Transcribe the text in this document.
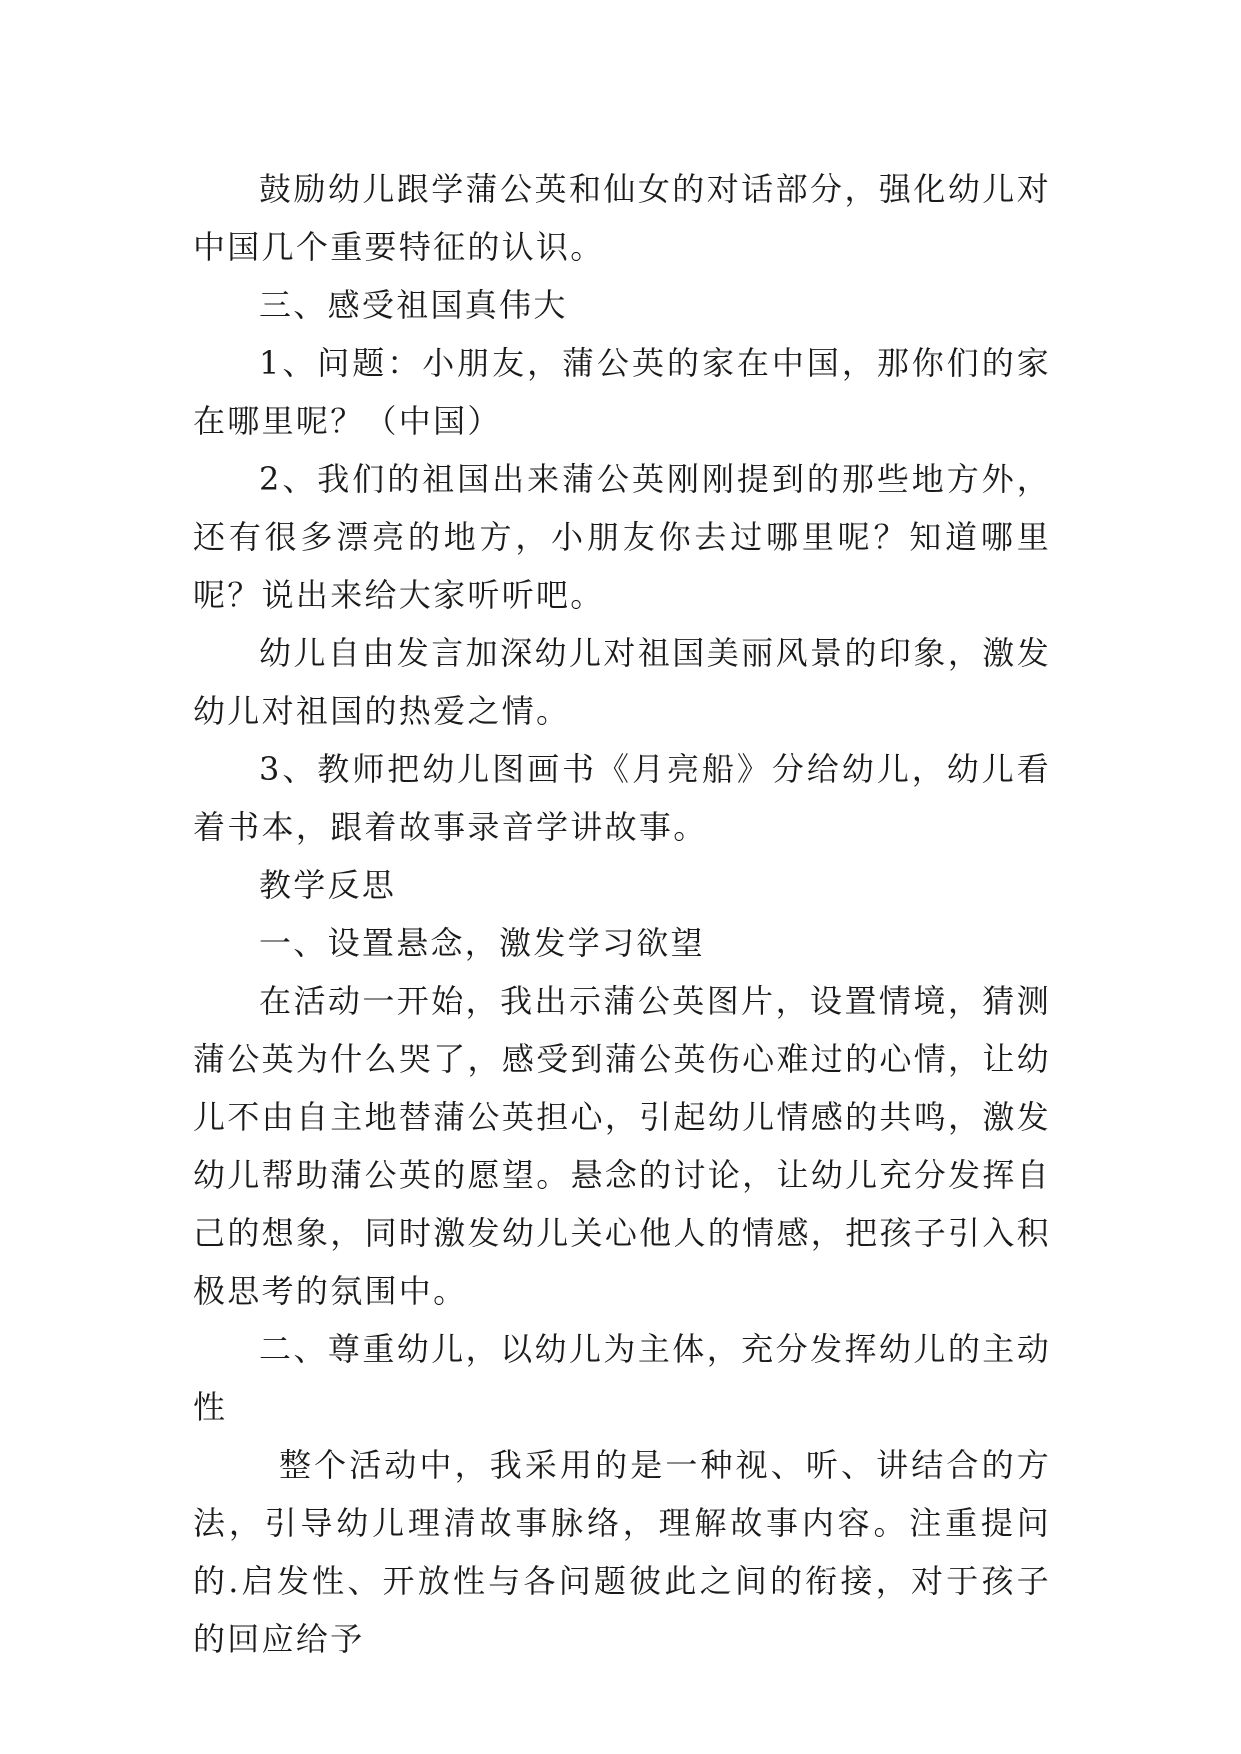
鼓励幼儿跟学蒲公英和仙女的对话部分，强化幼儿对中国几个重要特征的认识。

三、感受祖国真伟大

1、问题：小朋友，蒲公英的家在中国，那你们的家在哪里呢？（中国）

2、我们的祖国出来蒲公英刚刚提到的那些地方外，还有很多漂亮的地方，小朋友你去过哪里呢？知道哪里呢？说出来给大家听听吧。

幼儿自由发言加深幼儿对祖国美丽风景的印象，激发幼儿对祖国的热爱之情。

3、教师把幼儿图画书《月亮船》分给幼儿，幼儿看着书本，跟着故事录音学讲故事。

教学反思

一、设置悬念，激发学习欲望

在活动一开始，我出示蒲公英图片，设置情境，猜测蒲公英为什么哭了，感受到蒲公英伤心难过的心情，让幼儿不由自主地替蒲公英担心，引起幼儿情感的共鸣，激发幼儿帮助蒲公英的愿望。悬念的讨论，让幼儿充分发挥自己的想象，同时激发幼儿关心他人的情感，把孩子引入积极思考的氛围中。

二、尊重幼儿，以幼儿为主体，充分发挥幼儿的主动性

整个活动中，我采用的是一种视、听、讲结合的方法，引导幼儿理清故事脉络，理解故事内容。注重提问的.启发性、开放性与各问题彼此之间的衔接，对于孩子的回应给予
